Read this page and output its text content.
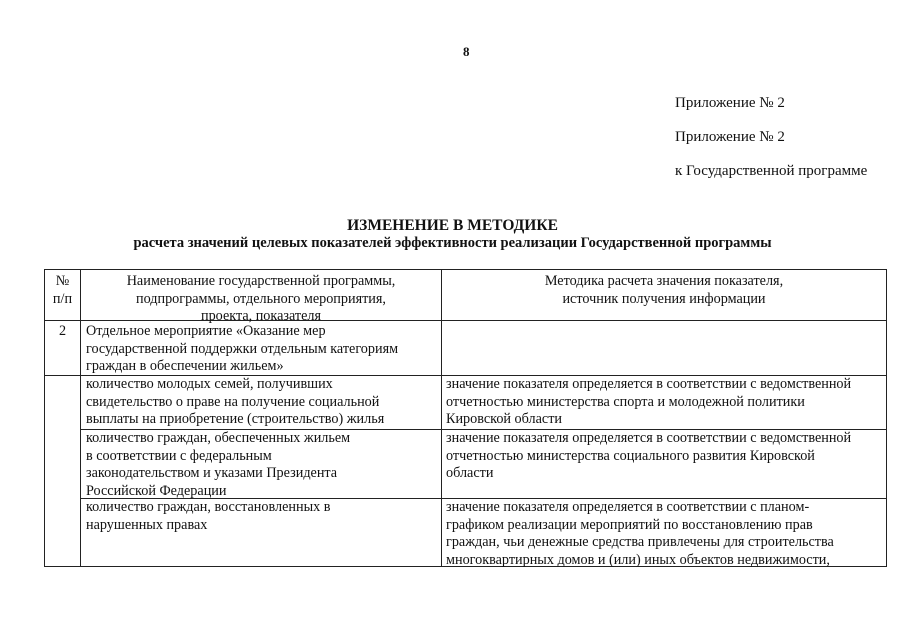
8
Приложение № 2
Приложение № 2
к Государственной программе
ИЗМЕНЕНИЕ В МЕТОДИКЕ
расчета значений целевых показателей эффективности реализации Государственной программы
№
п/п
Наименование государственной программы,
подпрограммы, отдельного мероприятия,
проекта, показателя
Методика расчета значения показателя,
источник получения информации
2	Отдельное мероприятие «Оказание мер
государственной поддержки отдельным категориям
граждан в обеспечении жильем»
количество молодых семей, получивших
свидетельство о праве на получение социальной
выплаты на приобретение (строительство) жилья
значение показателя определяется в соответствии с ведомственной
отчетностью министерства спорта и молодежной политики
Кировской области
количество граждан, обеспеченных жильем
в соответствии с федеральным
законодательством и указами Президента
Российской Федерации
значение показателя определяется в соответствии с ведомственной
отчетностью министерства социального развития Кировской
области
количество граждан, восстановленных в
нарушенных правах
значение показателя определяется в соответствии с планом-
графиком реализации мероприятий по восстановлению прав
граждан, чьи денежные средства привлечены для строительства
многоквартирных домов и (или) иных объектов недвижимости,
